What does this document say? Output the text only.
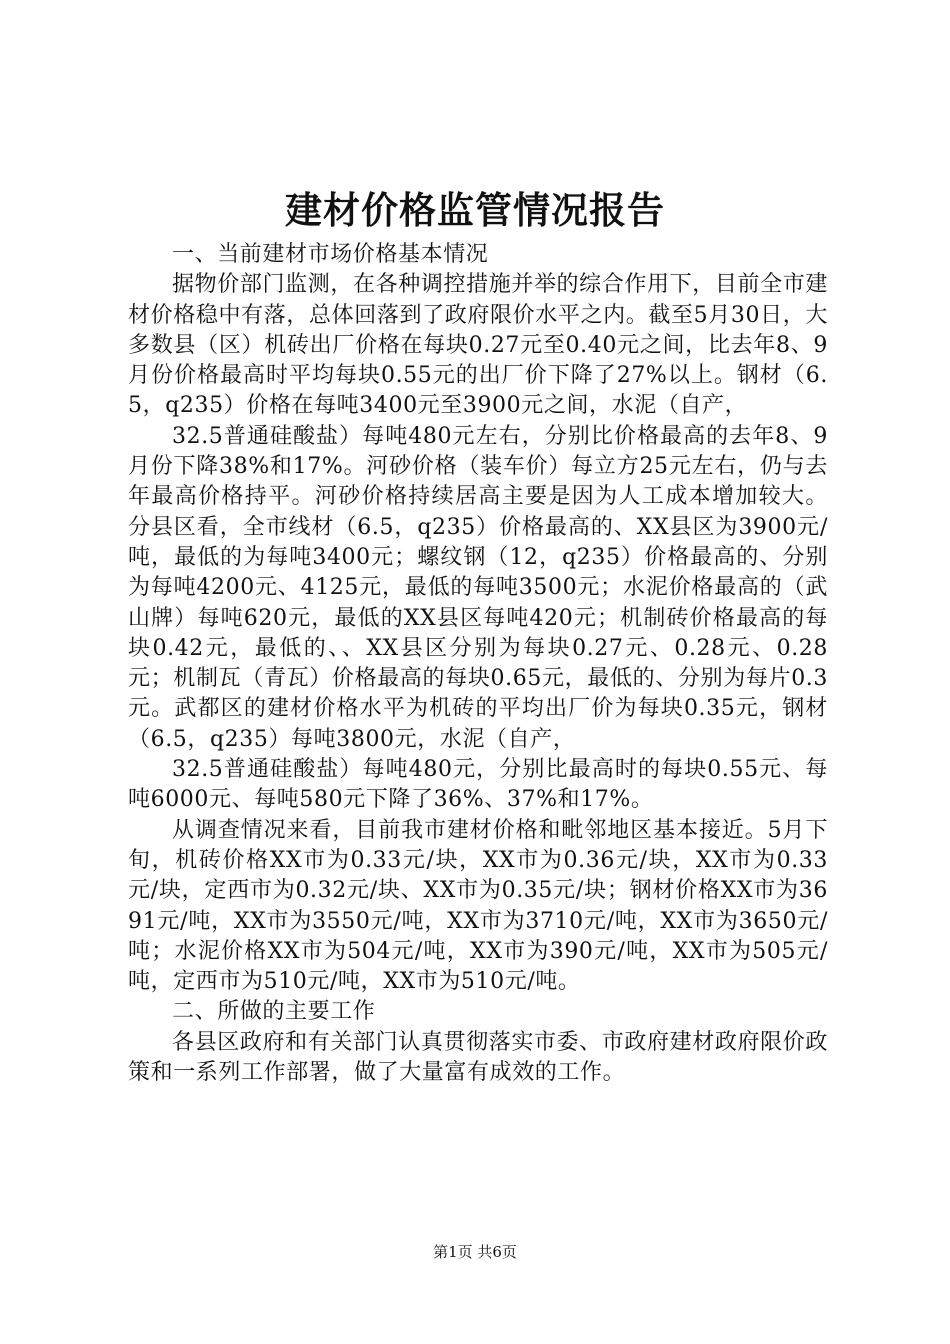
建材价格监管情况报告

一、当前建材市场价格基本情况

据物价部门监测，在各种调控措施并举的综合作用下，目前全市建材价格稳中有落，总体回落到了政府限价水平之内。截至5月30日，大多数县（区）机砖出厂价格在每块0.27元至0.40元之间，比去年8、9月份价格最高时平均每块0.55元的出厂价下降了27%以上。钢材（6.5，q235）价格在每吨3400元至3900元之间，水泥（自产，

32.5普通硅酸盐）每吨480元左右，分别比价格最高的去年8、9月份下降38%和17%。河砂价格（装车价）每立方25元左右，仍与去年最高价格持平。河砂价格持续居高主要是因为人工成本增加较大。分县区看，全市线材（6.5，q235）价格最高的、XX县区为3900元/吨，最低的为每吨3400元；螺纹钢（12，q235）价格最高的、分别为每吨4200元、4125元，最低的每吨3500元；水泥价格最高的（武山牌）每吨620元，最低的XX县区每吨420元；机制砖价格最高的每块0.42元，最低的、、XX县区分别为每块0.27元、0.28元、0.28元；机制瓦（青瓦）价格最高的每块0.65元，最低的、分别为每片0.3元。武都区的建材价格水平为机砖的平均出厂价为每块0.35元，钢材（6.5，q235）每吨3800元，水泥（自产，

32.5普通硅酸盐）每吨480元，分别比最高时的每块0.55元、每吨6000元、每吨580元下降了36%、37%和17%。

从调查情况来看，目前我市建材价格和毗邻地区基本接近。5月下旬，机砖价格XX市为0.33元/块，XX市为0.36元/块，XX市为0.33元/块，定西市为0.32元/块、XX市为0.35元/块；钢材价格XX市为3691元/吨，XX市为3550元/吨，XX市为3710元/吨，XX市为3650元/吨；水泥价格XX市为504元/吨，XX市为390元/吨，XX市为505元/吨，定西市为510元/吨，XX市为510元/吨。

二、所做的主要工作

各县区政府和有关部门认真贯彻落实市委、市政府建材政府限价政策和一系列工作部署，做了大量富有成效的工作。

第1页 共6页
